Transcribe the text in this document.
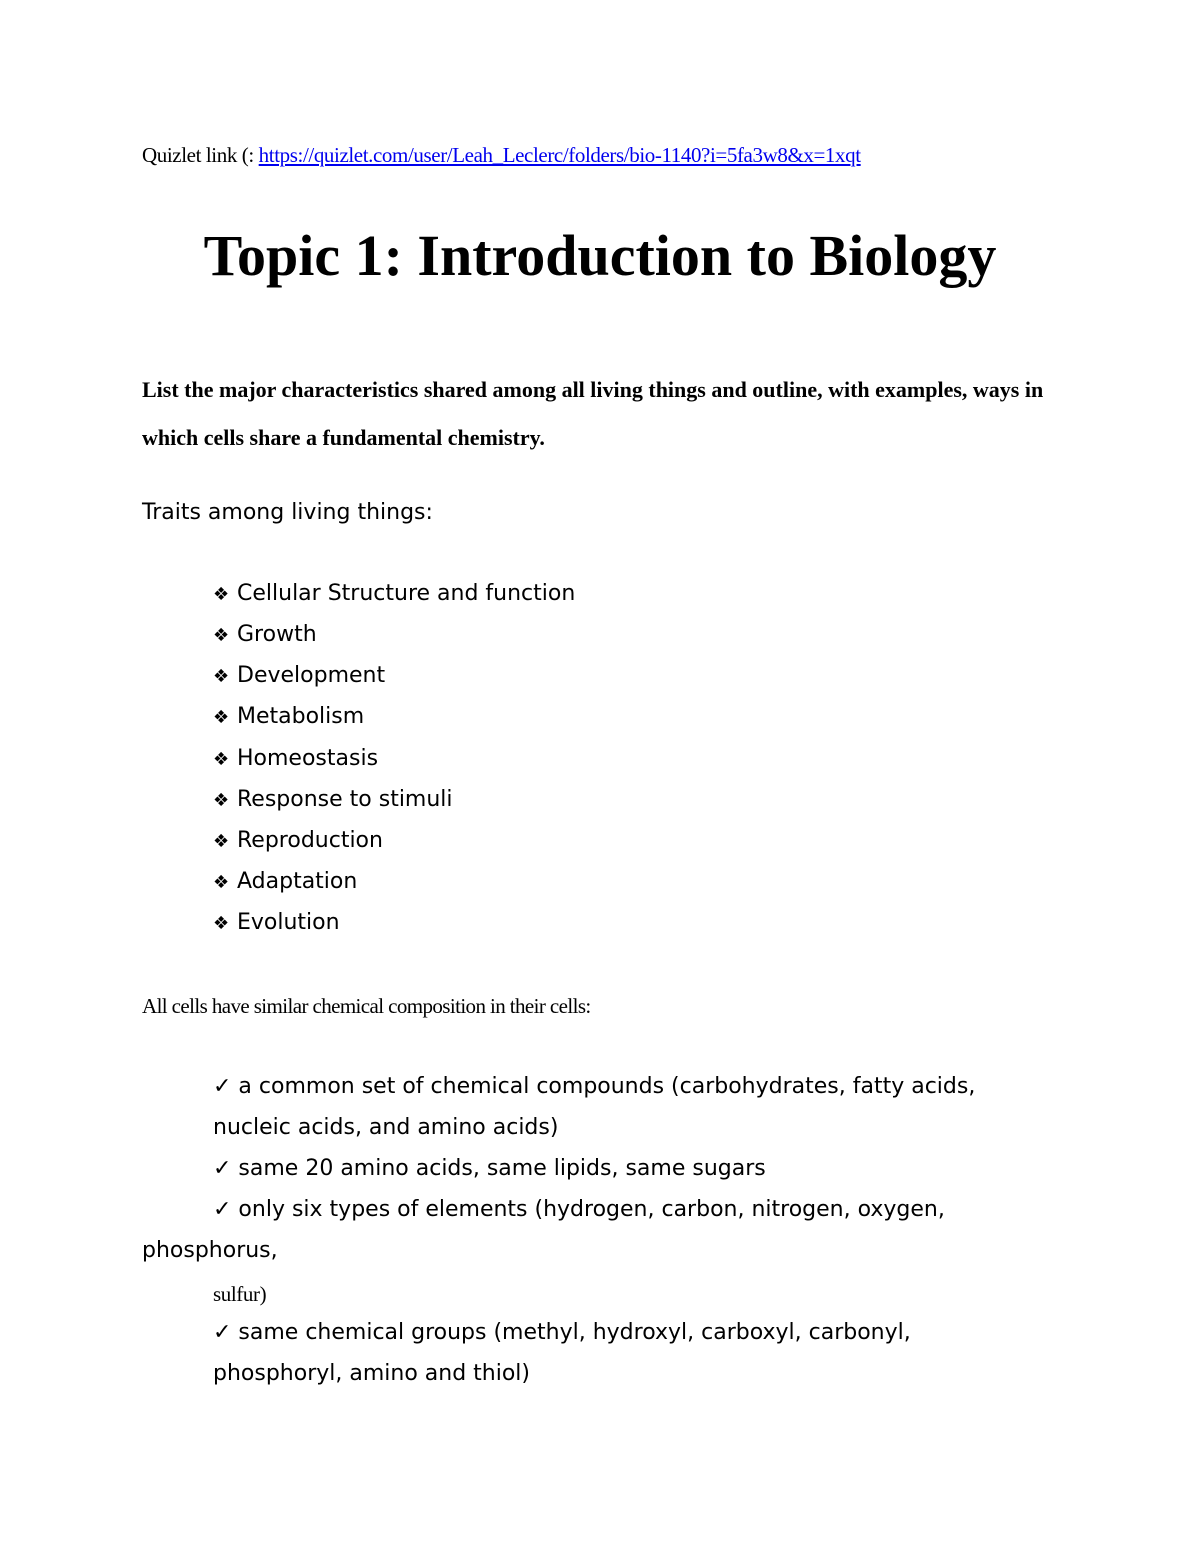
Quizlet link (: https://quizlet.com/user/Leah_Leclerc/folders/bio-1140?i=5fa3w8&x=1xqt
Topic 1: Introduction to Biology
List the major characteristics shared among all living things and outline, with examples, ways in which cells share a fundamental chemistry.
Traits among living things:
❖ Cellular Structure and function
❖ Growth
❖ Development
❖ Metabolism
❖ Homeostasis
❖ Response to stimuli
❖ Reproduction
❖ Adaptation
❖ Evolution
All cells have similar chemical composition in their cells:
✓ a common set of chemical compounds (carbohydrates, fatty acids,
nucleic acids, and amino acids)
✓ same 20 amino acids, same lipids, same sugars
✓ only six types of elements (hydrogen, carbon, nitrogen, oxygen,
phosphorus,
sulfur)
✓ same chemical groups (methyl, hydroxyl, carboxyl, carbonyl,
phosphoryl, amino and thiol)
